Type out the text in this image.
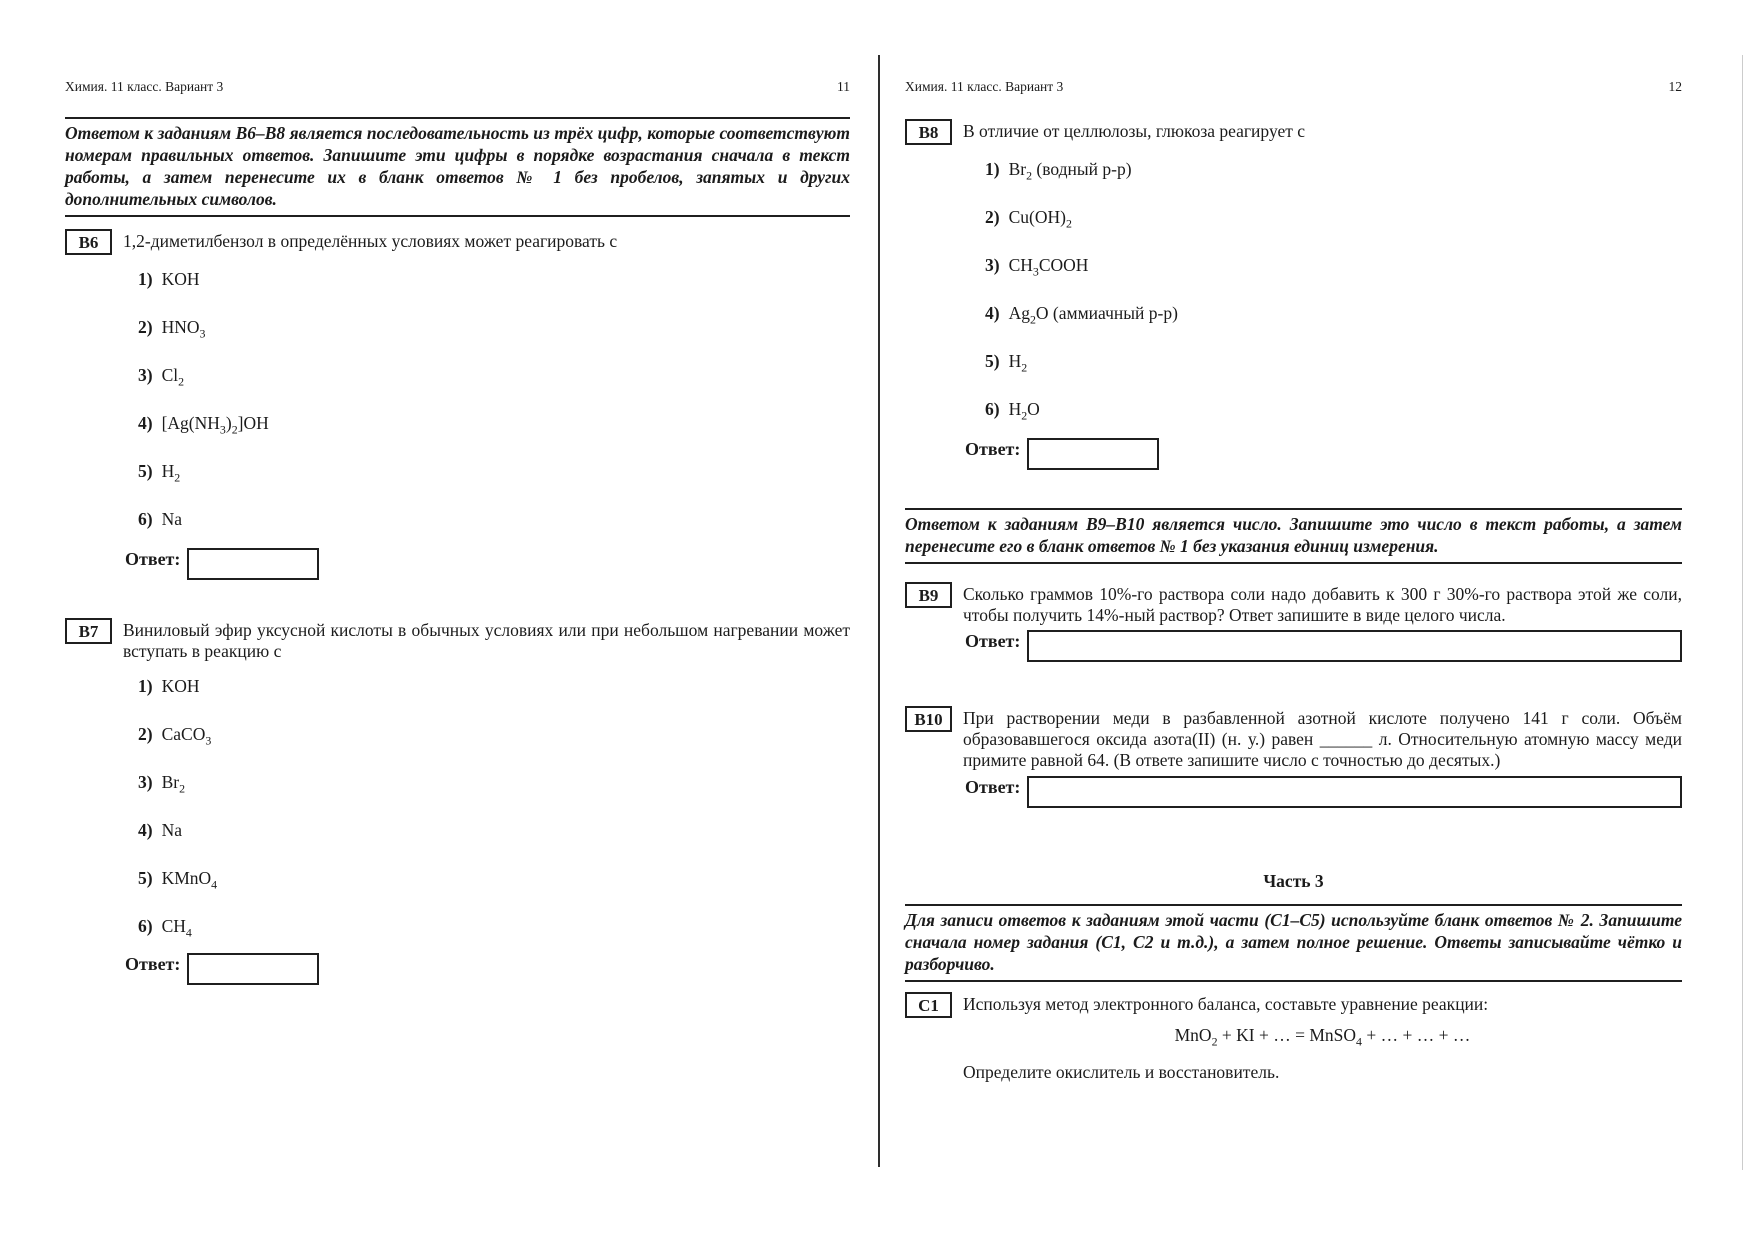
Химия. 11 класс. Вариант 3	11
Ответом к заданиям В6–В8 является последовательность из трёх цифр, которые соответствуют номерам правильных ответов. Запишите эти цифры в порядке возрастания сначала в текст работы, а затем перенесите их в бланк ответов № 1 без пробелов, запятых и других дополнительных символов.
В6	1,2-диметилбензол в определённых условиях может реагировать с
1) KOH
2) $HNO_3$
3) $Cl_2$
4) $[Ag(NH_3)_2]OH$
5) $H_2$
6) Na
Ответ:
В7	Виниловый эфир уксусной кислоты в обычных условиях или при небольшом нагревании может вступать в реакцию с
1) KOH
2) CaCO$_3$
3) $Br_2$
4) Na
5) KMnO$_4$
6) $CH_4$
Ответ:
Химия. 11 класс. Вариант 3	12
В8	В отличие от целлюлозы, глюкоза реагирует с
1) $Br_2$ (водный р-р)
2) $Cu(OH)_2$
3) $CH_3COOH$
4) $Ag_2O$ (аммиачный р-р)
5) $H_2$
6) $H_2O$
Ответ:
Ответом к заданиям В9–В10 является число. Запишите это число в текст работы, а затем перенесите его в бланк ответов № 1 без указания единиц измерения.
В9	Сколько граммов 10%-го раствора соли надо добавить к 300 г 30%-го раствора этой же соли, чтобы получить 14%-ный раствор? Ответ запишите в виде целого числа.
Ответ:
В10	При растворении меди в разбавленной азотной кислоте получено 141 г соли. Объём образовавшегося оксида азота(II) (н. у.) равен ______ л. Относительную атомную массу меди примите равной 64. (В ответе запишите число с точностью до десятых.)
Ответ:
Часть 3
Для записи ответов к заданиям этой части (С1–С5) используйте бланк ответов № 2. Запишите сначала номер задания (С1, С2 и т.д.), а затем полное решение. Ответы записывайте чётко и разборчиво.
С1	Используя метод электронного баланса, составьте уравнение реакции:
MnO$_2$ + KI + … = MnSO$_4$ + … + … + …
Определите окислитель и восстановитель.
